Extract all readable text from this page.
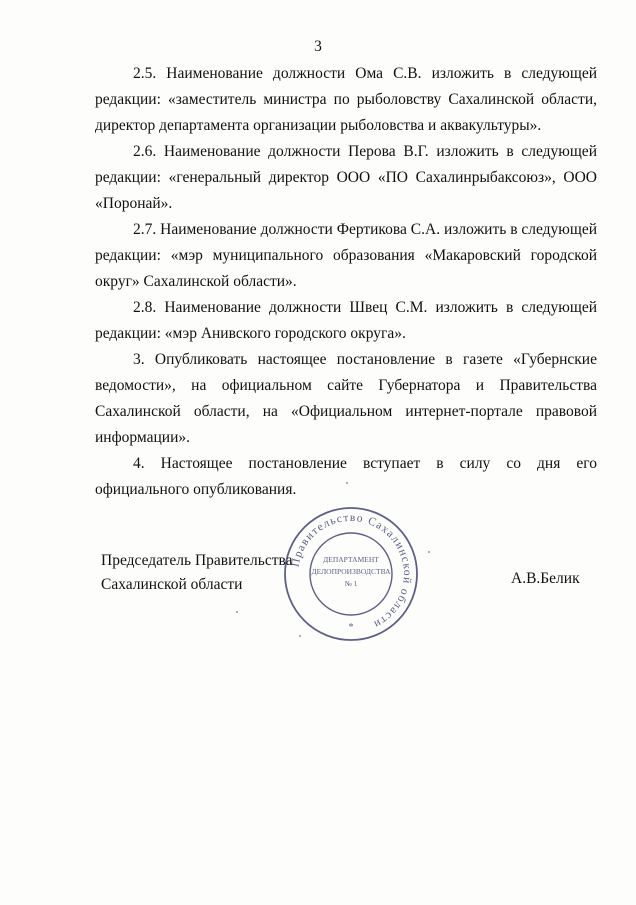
3

2.5. Наименование должности Ома С.В. изложить в следующей редакции: «заместитель министра по рыболовству Сахалинской области, директор департамента организации рыболовства и аквакультуры».

2.6. Наименование должности Перова В.Г. изложить в следующей редакции: «генеральный директор ООО «ПО Сахалинрыбаксоюз», ООО «Поронай».

2.7. Наименование должности Фертикова С.А. изложить в следующей редакции: «мэр муниципального образования «Макаровский городской округ» Сахалинской области».

2.8. Наименование должности Швец С.М. изложить в следующей редакции: «мэр Анивского городского округа».

3. Опубликовать настоящее постановление в газете «Губернские ведомости», на официальном сайте Губернатора и Правительства Сахалинской области, на «Официальном интернет-портале правовой информации».

4. Настоящее постановление вступает в силу со дня его официального опубликования.

Председатель Правительства
Сахалинской области	А.В.Белик
Правительство Сахалинской области
ДЕПАРТАМЕНТ
ДЕЛОПРОИЗВОДСТВА
№ 1
*
